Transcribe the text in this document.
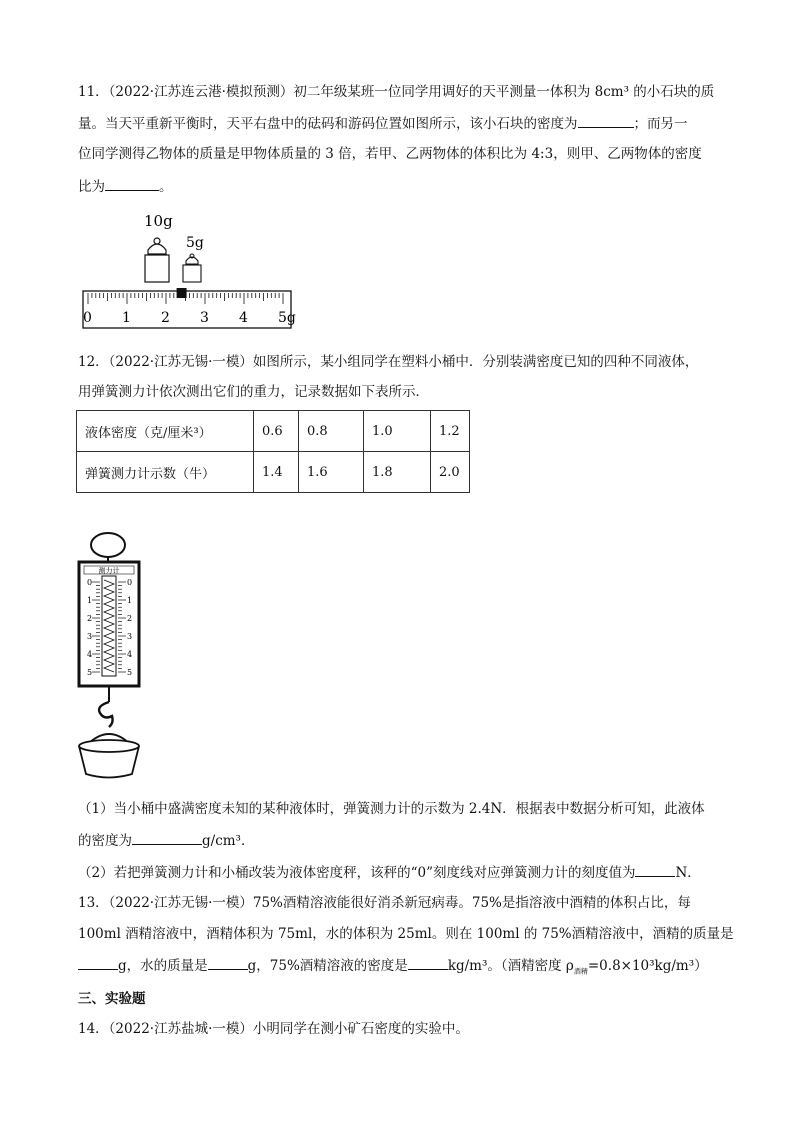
11．（2022·江苏连云港·模拟预测）初二年级某班一位同学用调好的天平测量一体积为 8cm³ 的小石块的质
量。当天平重新平衡时，天平右盘中的砝码和游码位置如图所示，该小石块的密度为	；而另一
位同学测得乙物体的质量是甲物体质量的 3 倍，若甲、乙两物体的体积比为 4:3，则甲、乙两物体的密度
比为	。
10g
5g
0 1 2 3 4 5g
12．（2022·江苏无锡·一模）如图所示，某小组同学在塑料小桶中．分别装满密度已知的四种不同液体，
用弹簧测力计依次测出它们的重力，记录数据如下表所示．
液体密度（克/厘米³）	0.6	0.8	1.0	1.2
弹簧测力计示数（牛）	1.4	1.6	1.8	2.0
测力计
0
1
2
3
4
5
0
1
2
3
4
5
（1）当小桶中盛满密度未知的某种液体时，弹簧测力计的示数为 2.4N．根据表中数据分析可知，此液体
的密度为	g/cm³．
（2）若把弹簧测力计和小桶改装为液体密度秤，该秤的“0”刻度线对应弹簧测力计的刻度值为	N．
13．（2022·江苏无锡·一模）75%酒精溶液能很好消杀新冠病毒。75%是指溶液中酒精的体积占比，每
100ml 酒精溶液中，酒精体积为 75ml，水的体积为 25ml。则在 100ml 的 75%酒精溶液中，酒精的质量是
g，水的质量是	g，75%酒精溶液的密度是	kg/m³。（酒精密度 $\rho_{酒精}=0.8\times 10^3kg/m^3$）
三、实验题
14．（2022·江苏盐城·一模）小明同学在测小矿石密度的实验中。
